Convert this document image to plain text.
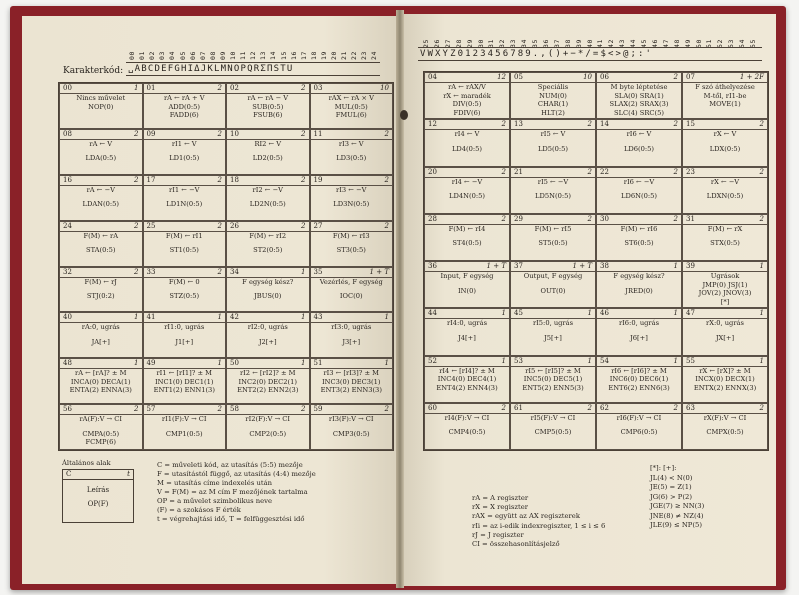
Karakterkód:
00 01 02 03 04 05 06 07 08 09 10 11 12 13 14 15 16 17 18 19 20 21 22 23 24
␣ABCDEFGHIΔJKLMNOPQRΣΠSTU
00	1
Nincs művelet
NOP(0)
01	2
rA ← rA + V
ADD(0:5)
FADD(6)
02	2
rA ← rA − V
SUB(0:5)
FSUB(6)
03	10
rAX ← rA × V
MUL(0:5)
FMUL(6)
08	2
rA ← V
LDA(0:5)
09	2
rI1 ← V
LD1(0:5)
10	2
RI2 ← V
LD2(0:5)
11	2
rI3 ← V
LD3(0:5)
16	2
rA ← −V
LDAN(0:5)
17	2
rI1 ← −V
LD1N(0:5)
18	2
rI2 ← −V
LD2N(0:5)
19	2
rI3 ← −V
LD3N(0:5)
24	2
F(M) ← rA
STA(0:5)
25	2
F(M) ← rI1
ST1(0:5)
26	2
F(M) ← rI2
ST2(0:5)
27	2
F(M) ← rI3
ST3(0:5)
32	2
F(M) ← rJ
STJ(0:2)
33	2
F(M) ← 0
STZ(0:5)
34	1
F egység kész?
JBUS(0)
35	1 + T
Vezérlés, F egység
IOC(0)
40	1
rA:0, ugrás
JA[+]
41	1
rI1:0, ugrás
J1[+]
42	1
rI2:0, ugrás
J2[+]
43	1
rI3:0, ugrás
J3[+]
48	1
rA ← [rA]? ± M
INCA(0) DECA(1)
ENTA(2) ENNA(3)
49	1
rI1 ← [rI1]? ± M
INC1(0) DEC1(1)
ENT1(2) ENN1(3)
50	1
rI2 ← [rI2]? ± M
INC2(0) DEC2(1)
ENT2(2) ENN2(3)
51	1
rI3 ← [rI3]? ± M
INC3(0) DEC3(1)
ENT3(2) ENN3(3)
56	2
rA(F):V → CI
CMPA(0:5)
FCMP(6)
57	2
rI1(F):V → CI
CMP1(0:5)
58	2
rI2(F):V → CI
CMP2(0:5)
59	2
rI3(F):V → CI
CMP3(0:5)
Általános alak
C	t
Leírás
OP(F)
C = műveleti kód, az utasítás (5:5) mezője
F = utasítástól függő, az utasítás (4:4) mezője
M = utasítás címe indexelés után
V = F(M) = az M cím F mezőjének tartalma
OP = a művelet szimbolikus neve
(F) = a szokásos F érték
t = végrehajtási idő, T = felfüggesztési idő
25 26 27 28 29 30 31 32 33 34 35 36 37 38 39 40 41 42 43 44 45 46 47 48 49 50 51 52 53 54 55
VWXYZ0123456789.,()+−*/=$<>@;:'
04	12
rA ← rAX/V
rX ← maradék
DIV(0:5)
FDIV(6)
05	10
Speciális
NUM(0)
CHAR(1)
HLT(2)
06	2
M byte léptetése
SLA(0) SRA(1)
SLAX(2) SRAX(3)
SLC(4) SRC(5)
07	1 + 2F
F szó áthelyezése
M-től, rI1-be
MOVE(1)
12	2
rI4 ← V
LD4(0:5)
13	2
rI5 ← V
LD5(0:5)
14	2
rI6 ← V
LD6(0:5)
15	2
rX ← V
LDX(0:5)
20	2
rI4 ← −V
LD4N(0:5)
21	2
rI5 ← −V
LD5N(0:5)
22	2
rI6 ← −V
LD6N(0:5)
23	2
rX ← −V
LDXN(0:5)
28	2
F(M) ← rI4
ST4(0:5)
29	2
F(M) ← rI5
ST5(0:5)
30	2
F(M) ← rI6
ST6(0:5)
31	2
F(M) ← rX
STX(0:5)
36	1 + T
Input, F egység
IN(0)
37	1 + T
Output, F egység
OUT(0)
38	1
F egység kész?
JRED(0)
39	1
Ugrások
JMP(0) JSJ(1)
JOV(2) JNOV(3)
[*]
44	1
rI4:0, ugrás
J4[+]
45	1
rI5:0, ugrás
J5[+]
46	1
rI6:0, ugrás
J6[+]
47	1
rX:0, ugrás
JX[+]
52	1
rI4 ← [rI4]? ± M
INC4(0) DEC4(1)
ENT4(2) ENN4(3)
53	1
rI5 ← [rI5]? ± M
INC5(0) DEC5(1)
ENT5(2) ENN5(3)
54	1
rI6 ← [rI6]? ± M
INC6(0) DEC6(1)
ENT6(2) ENN6(3)
55	1
rX ← [rX]? ± M
INCX(0) DECX(1)
ENTX(2) ENNX(3)
60	2
rI4(F):V → CI
CMP4(0:5)
61	2
rI5(F):V → CI
CMP5(0:5)
62	2
rI6(F):V → CI
CMP6(0:5)
63	2
rX(F):V → CI
CMPX(0:5)
rA = A regiszter
rX = X regiszter
rAX = együtt az AX regiszterek
rIi = az i-edik indexregiszter, 1 ≤ i ≤ 6
rJ = J regiszter
CI = összehasonlításjelző
[*]: [+]:
JL(4) < N(0)
JE(5) = Z(1)
JG(6) > P(2)
JGE(7) ≥ NN(3)
JNE(8) ≠ NZ(4)
JLE(9) ≤ NP(5)
